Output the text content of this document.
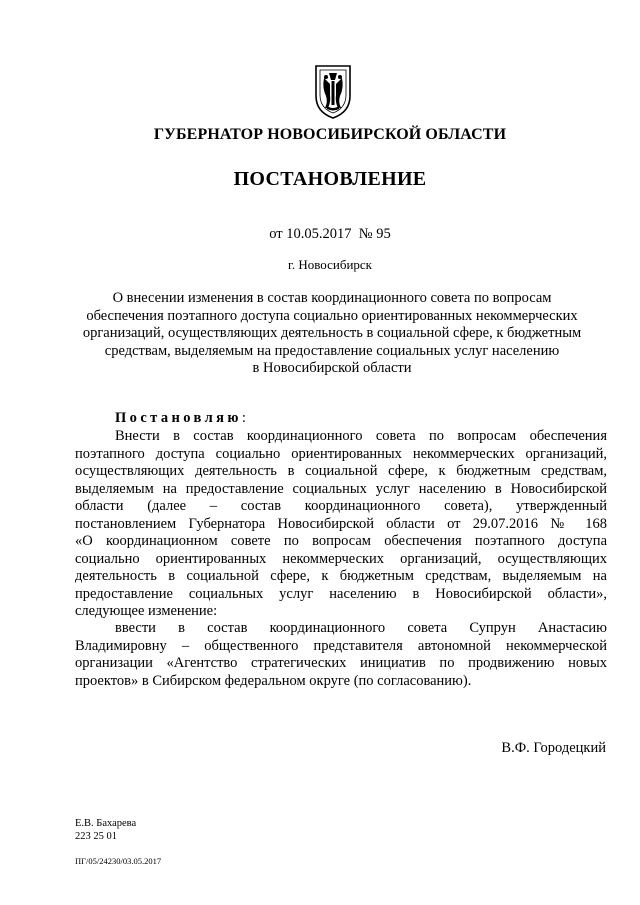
ГУБЕРНАТОР НОВОСИБИРСКОЙ ОБЛАСТИ
ПОСТАНОВЛЕНИЕ
от 10.05.2017  № 95
г. Новосибирск
О внесении изменения в состав координационного совета по вопросам
обеспечения поэтапного доступа социально ориентированных некоммерческих
организаций, осуществляющих деятельность в социальной сфере, к бюджетным
средствам, выделяемым на предоставление социальных услуг населению
в Новосибирской области
Постановляю:
Внести в состав координационного совета по вопросам обеспечения
поэтапного доступа социально ориентированных некоммерческих организаций,
осуществляющих деятельность в социальной сфере, к бюджетным средствам,
выделяемым на предоставление социальных услуг населению в Новосибирской
области (далее – состав координационного совета), утвержденный
постановлением Губернатора Новосибирской области от 29.07.2016 № 168
«О координационном совете по вопросам обеспечения поэтапного доступа
социально ориентированных некоммерческих организаций, осуществляющих
деятельность в социальной сфере, к бюджетным средствам, выделяемым на
предоставление социальных услуг населению в Новосибирской области»,
следующее изменение:
ввести в состав координационного совета Супрун Анастасию
Владимировну – общественного представителя автономной некоммерческой
организации «Агентство стратегических инициатив по продвижению новых
проектов» в Сибирском федеральном округе (по согласованию).
В.Ф. Городецкий
Е.В. Бахарева
223 25 01
ПГ/05/24230/03.05.2017
